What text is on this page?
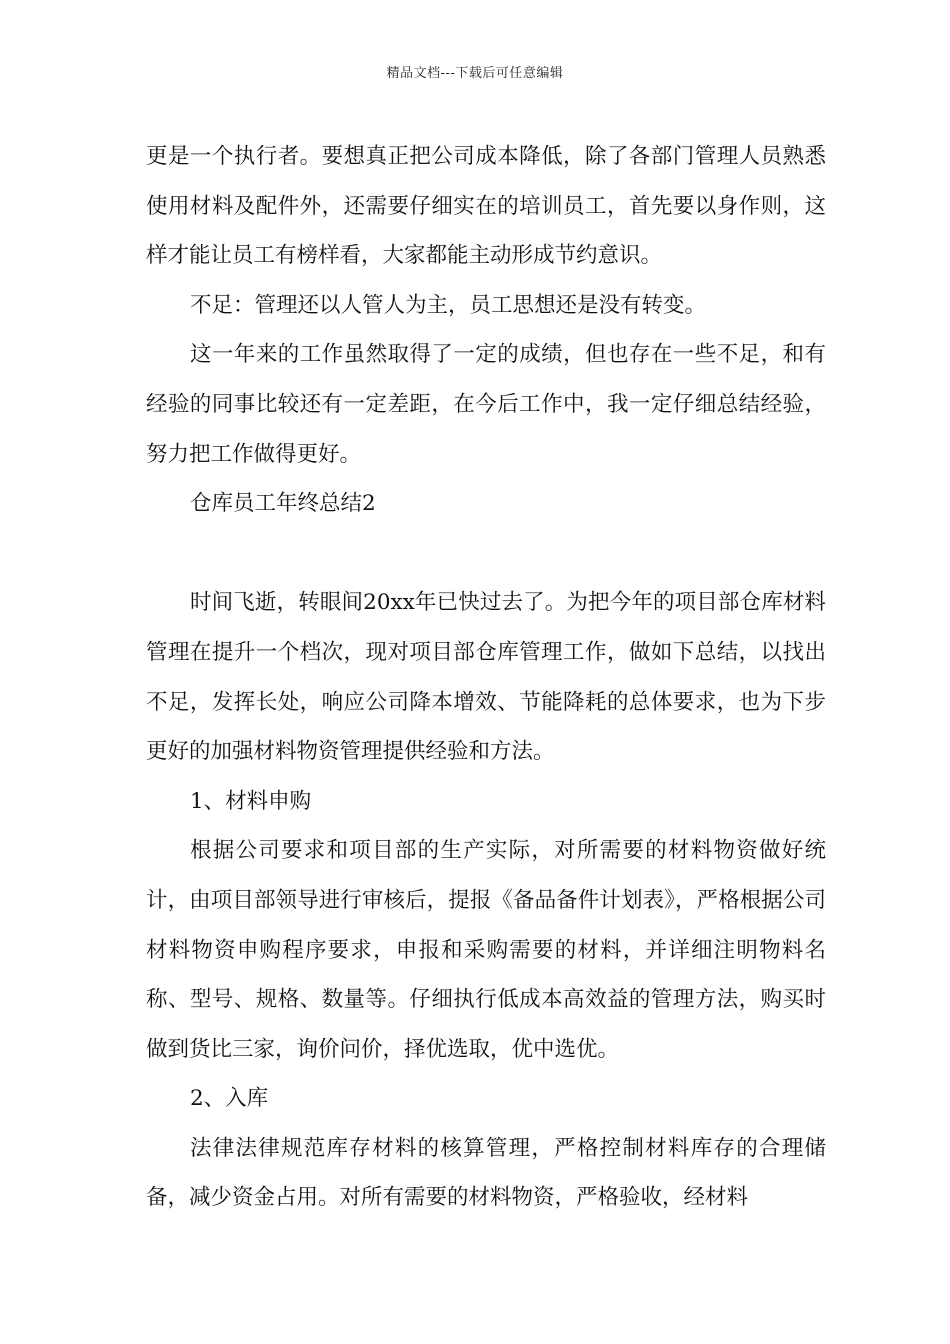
精品文档---下载后可任意编辑

更是一个执行者。要想真正把公司成本降低，除了各部门管理人员熟悉使用材料及配件外，还需要仔细实在的培训员工，首先要以身作则，这样才能让员工有榜样看，大家都能主动形成节约意识。

不足：管理还以人管人为主，员工思想还是没有转变。

这一年来的工作虽然取得了一定的成绩，但也存在一些不足，和有经验的同事比较还有一定差距，在今后工作中，我一定仔细总结经验，努力把工作做得更好。

仓库员工年终总结2

时间飞逝，转眼间20xx年已快过去了。为把今年的项目部仓库材料管理在提升一个档次，现对项目部仓库管理工作，做如下总结，以找出不足，发挥长处，响应公司降本增效、节能降耗的总体要求，也为下步更好的加强材料物资管理提供经验和方法。

1、材料申购

根据公司要求和项目部的生产实际，对所需要的材料物资做好统计，由项目部领导进行审核后，提报《备品备件计划表》，严格根据公司材料物资申购程序要求，申报和采购需要的材料，并详细注明物料名称、型号、规格、数量等。仔细执行低成本高效益的管理方法，购买时做到货比三家，询价问价，择优选取，优中选优。

2、入库

法律法律规范库存材料的核算管理，严格控制材料库存的合理储备，减少资金占用。对所有需要的材料物资，严格验收，经材料
